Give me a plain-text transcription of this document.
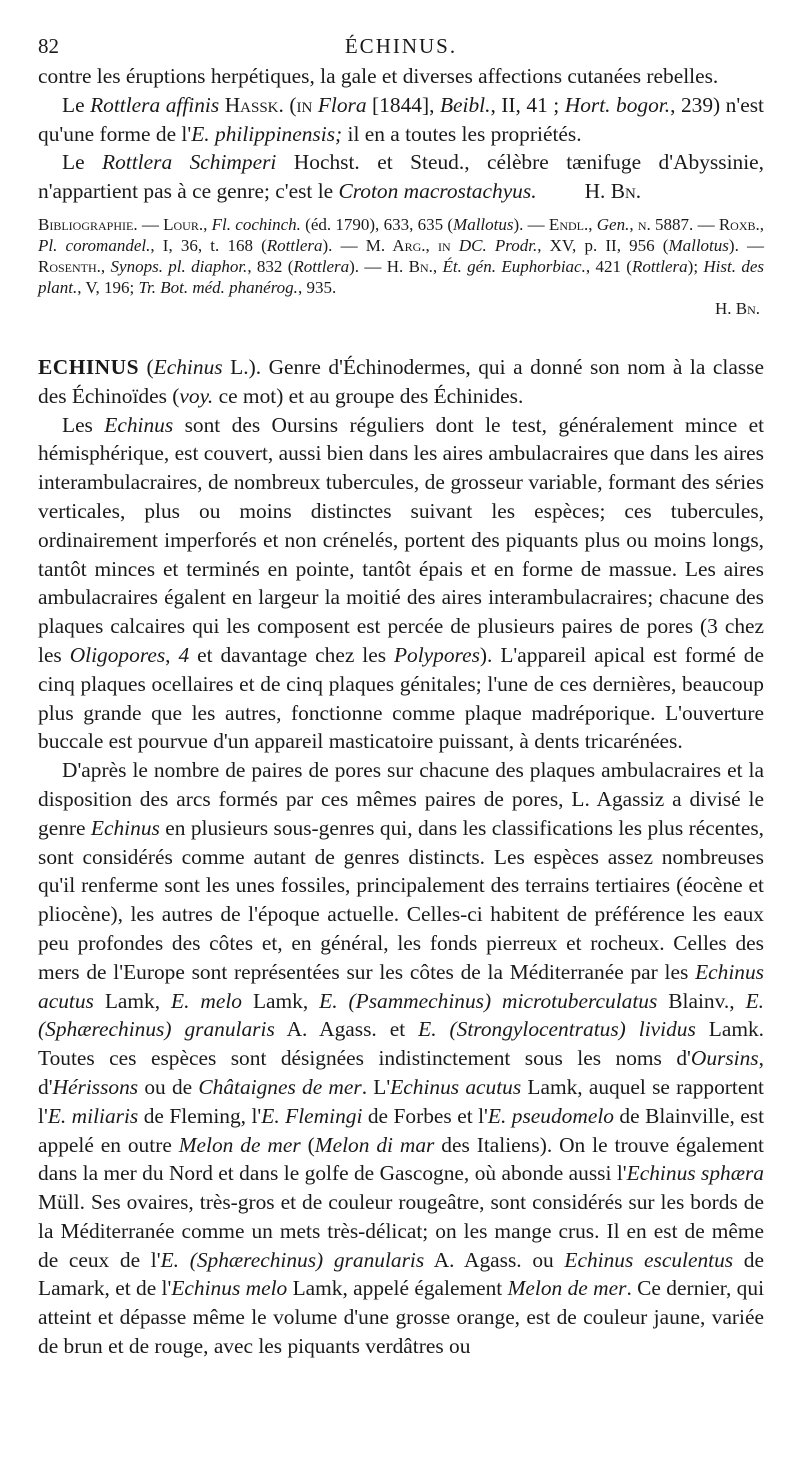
82	ÉCHINUS.

contre les éruptions herpétiques, la gale et diverses affections cutanées rebelles.

Le Rottlera affinis Hassk. (in Flora [1844], Beibl., II, 41 ; Hort. bogor., 239) n'est qu'une forme de l'E. philippinensis; il en a toutes les propriétés.

Le Rottlera Schimperi Hochst. et Steud., célèbre tænifuge d'Abyssinie, n'appartient pas à ce genre; c'est le Croton macrostachyus. H. Bn.

Bibliographie. — Lour., Fl. cochinch. (éd. 1790), 633, 635 (Mallotus). — Endl., Gen., n. 5887. — Roxb., Pl. coromandel., I, 36, t. 168 (Rottlera). — M. Arg., in DC. Prodr., XV, p. II, 956 (Mallotus). — Rosenth., Synops. pl. diaphor., 832 (Rottlera). — H. Bn., Ét. gén. Euphorbiac., 421 (Rottlera); Hist. des plant., V, 196; Tr. Bot. méd. phanérog., 935.
H. Bn.

ECHINUS (Echinus L.). Genre d'Échinodermes, qui a donné son nom à la classe des Échinoïdes (voy. ce mot) et au groupe des Échinides.

Les Echinus sont des Oursins réguliers dont le test, généralement mince et hémisphérique, est couvert, aussi bien dans les aires ambulacraires que dans les aires interambulacraires, de nombreux tubercules, de grosseur variable, formant des séries verticales, plus ou moins distinctes suivant les espèces; ces tubercules, ordinairement imperforés et non crénelés, portent des piquants plus ou moins longs, tantôt minces et terminés en pointe, tantôt épais et en forme de massue. Les aires ambulacraires égalent en largeur la moitié des aires interambulacraires; chacune des plaques calcaires qui les composent est percée de plusieurs paires de pores (3 chez les Oligopores, 4 et davantage chez les Polypores). L'appareil apical est formé de cinq plaques ocellaires et de cinq plaques génitales; l'une de ces dernières, beaucoup plus grande que les autres, fonctionne comme plaque madréporique. L'ouverture buccale est pourvue d'un appareil masticatoire puissant, à dents tricarénées.

D'après le nombre de paires de pores sur chacune des plaques ambulacraires et la disposition des arcs formés par ces mêmes paires de pores, L. Agassiz a divisé le genre Echinus en plusieurs sous-genres qui, dans les classifications les plus récentes, sont considérés comme autant de genres distincts. Les espèces assez nombreuses qu'il renferme sont les unes fossiles, principalement des terrains tertiaires (éocène et pliocène), les autres de l'époque actuelle. Celles-ci habitent de préférence les eaux peu profondes des côtes et, en général, les fonds pierreux et rocheux. Celles des mers de l'Europe sont représentées sur les côtes de la Méditerranée par les Echinus acutus Lamk, E. melo Lamk, E. (Psammechinus) microtuberculatus Blainv., E. (Sphærechinus) granularis A. Agass. et E. (Strongylocentratus) lividus Lamk. Toutes ces espèces sont désignées indistinctement sous les noms d'Oursins, d'Hérissons ou de Châtaignes de mer. L'Echinus acutus Lamk, auquel se rapportent l'E. miliaris de Fleming, l'E. Flemingi de Forbes et l'E. pseudomelo de Blainville, est appelé en outre Melon de mer (Melon di mar des Italiens). On le trouve également dans la mer du Nord et dans le golfe de Gascogne, où abonde aussi l'Echinus sphæra Müll. Ses ovaires, très-gros et de couleur rougeâtre, sont considérés sur les bords de la Méditerranée comme un mets très-délicat; on les mange crus. Il en est de même de ceux de l'E. (Sphærechinus) granularis A. Agass. ou Echinus esculentus de Lamark, et de l'Echinus melo Lamk, appelé également Melon de mer. Ce dernier, qui atteint et dépasse même le volume d'une grosse orange, est de couleur jaune, variée de brun et de rouge, avec les piquants verdâtres ou
